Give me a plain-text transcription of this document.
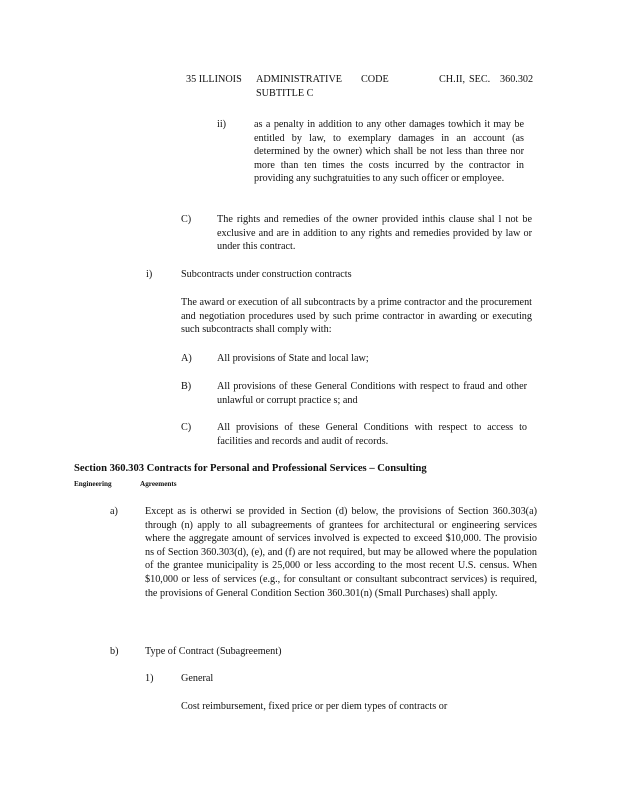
35 ILLINOIS ADMINISTRATIVE CODE	CH.II, SEC. 360.302
SUBTITLE C
ii)	as a penalty in addition to any other damages towhich it may be entitled by law, to exemplary damages in an account (as determined by the owner) which shall be not less than three nor more than ten times the costs incurred by the contractor in providing any suchgratuities to any such officer or employee.
C)	The rights and remedies of the owner provided inthis clause shal l not be exclusive and are in addition to any rights and remedies provided by law or under this contract.
i)	Subcontracts under construction contracts
The award or execution of all subcontracts by a prime contractor and the procurement and negotiation procedures used by such prime contractor in awarding or executing such subcontracts shall comply with:
A) All provisions of State and local law;
B)	All provisions of these General Conditions with respect to fraud and other unlawful or corrupt practice s; and
C)	All provisions of these General Conditions with respect to access to facilities and records and audit of records.
Section 360.303 Contracts for Personal and Professional Services – Consulting
Engineering	Agreements
a)	Except as is otherwi se provided in Section (d) below, the provisions of Section 360.303(a) through (n) apply to all subagreements of grantees for architectural or engineering services where the aggregate amount of services involved is expected to exceed $10,000. The provisio ns of Section 360.303(d), (e), and (f) are not required, but may be allowed where the population of the grantee municipality is 25,000 or less according to the most recent U.S. census. When $10,000 or less of services (e.g., for consultant or consultant subcontract services) is required, the provisions of General Condition Section 360.301(n) (Small Purchases) shall apply.
b)	Type of Contract (Subagreement)
1)	General
Cost reimbursement, fixed price or per diem types of contracts or
